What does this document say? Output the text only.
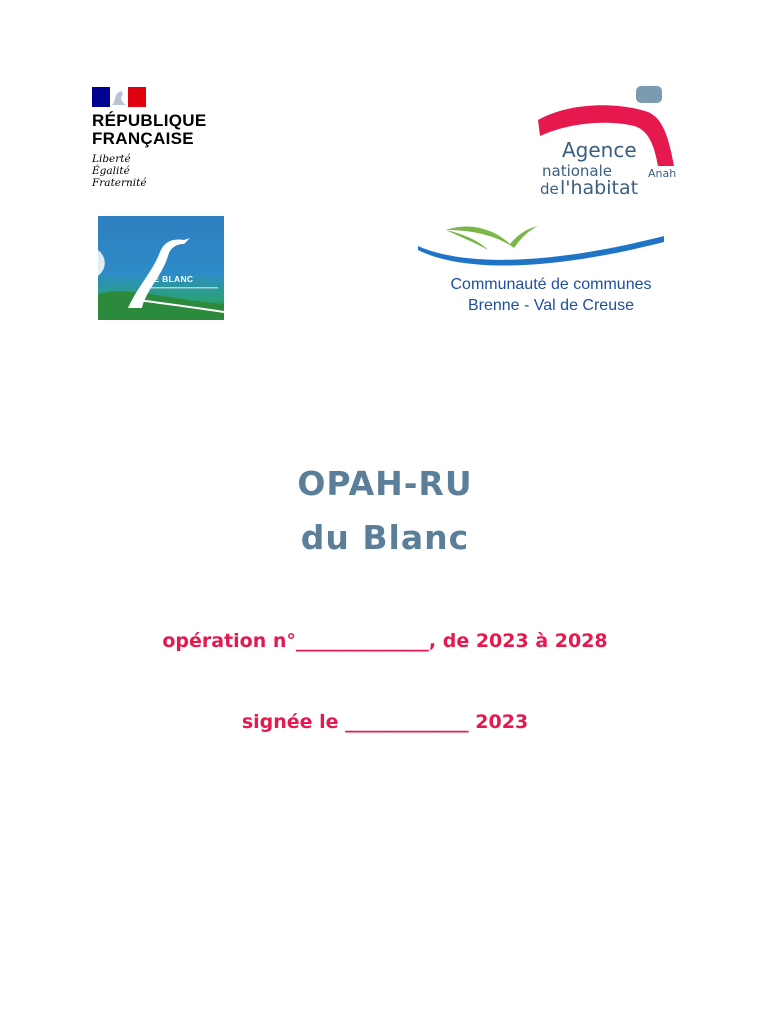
RÉPUBLIQUE
FRANÇAISE
Liberté
Égalité
Fraternité
LE BLANC
Agence
nationale	Anah
de l'habitat
Communauté de communes
Brenne - Val de Creuse
OPAH-RU
du Blanc
opération n°______________, de 2023 à 2028
signée le _____________ 2023
